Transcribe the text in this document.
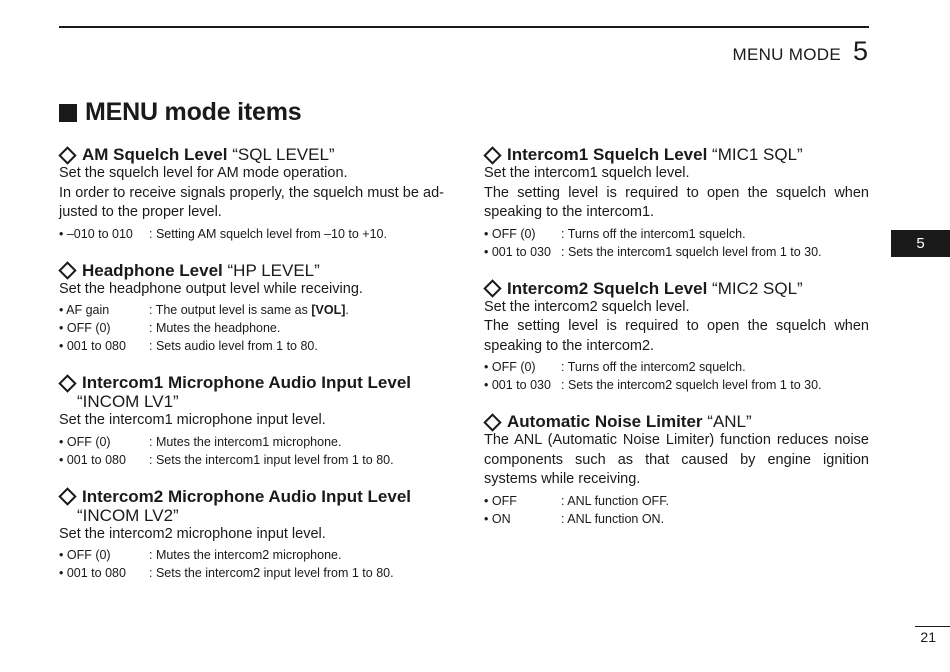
MENU MODE 5
MENU mode items
AM Squelch Level “SQL LEVEL”
Set the squelch level for AM mode operation.
In order to receive signals properly, the squelch must be ad-justed to the proper level.
• –010 to 010	: Setting AM squelch level from –10 to +10.
Headphone Level “HP LEVEL”
Set the headphone output level while receiving.
• AF gain	: The output level is same as [VOL].
• OFF (0)	: Mutes the headphone.
• 001 to 080	: Sets audio level from 1 to 80.
Intercom1 Microphone Audio Input Level
“INCOM LV1”
Set the intercom1 microphone input level.
• OFF (0)	: Mutes the intercom1 microphone.
• 001 to 080	: Sets the intercom1 input level from 1 to 80.
Intercom2 Microphone Audio Input Level
“INCOM LV2”
Set the intercom2 microphone input level.
• OFF (0)	: Mutes the intercom2 microphone.
• 001 to 080	: Sets the intercom2 input level from 1 to 80.
Intercom1 Squelch Level “MIC1 SQL”
Set the intercom1 squelch level.
The setting level is required to open the squelch when speaking to the intercom1.
• OFF (0)	: Turns off the intercom1 squelch.
• 001 to 030 : Sets the intercom1 squelch level from 1 to 30.
Intercom2 Squelch Level “MIC2 SQL”
Set the intercom2 squelch level.
The setting level is required to open the squelch when speaking to the intercom2.
• OFF (0)	: Turns off the intercom2 squelch.
• 001 to 030 : Sets the intercom2 squelch level from 1 to 30.
Automatic Noise Limiter “ANL”
The ANL (Automatic Noise Limiter) function reduces noise components such as that caused by engine ignition systems while receiving.
• OFF	: ANL function OFF.
• ON	: ANL function ON.
5
21
